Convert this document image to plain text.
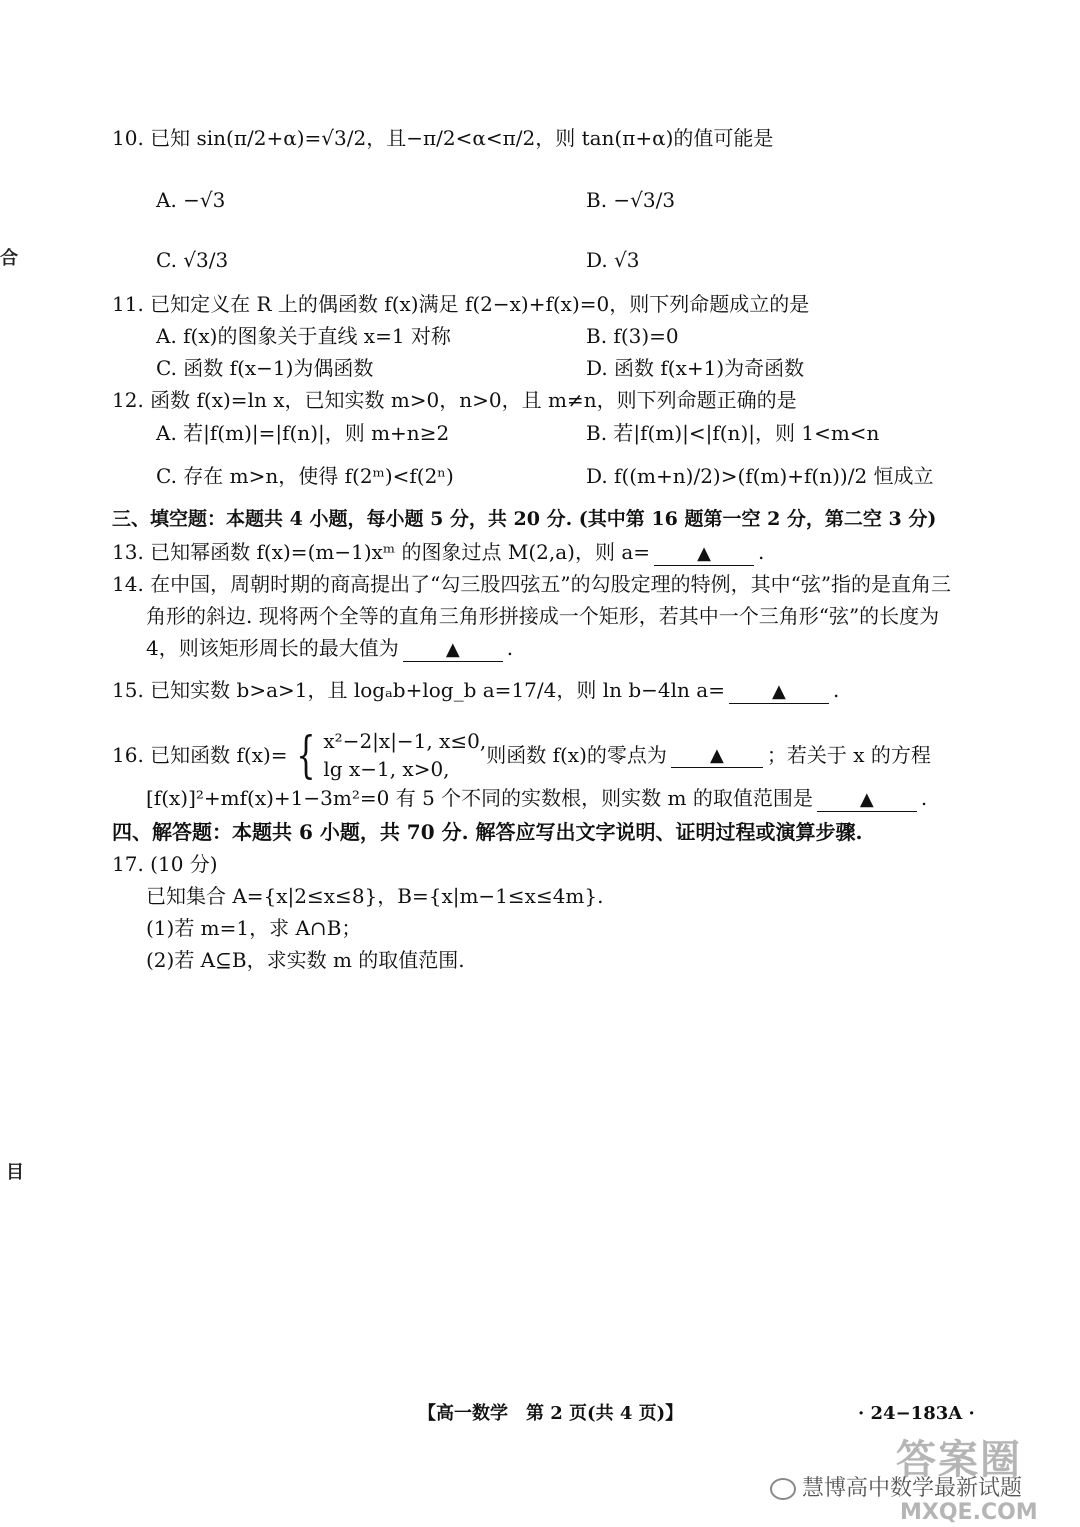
合
目
10. 已知 sin(π/2+α)=√3/2，且−π/2<α<π/2，则 tan(π+α)的值可能是
A. −√3	B. −√3/3
C. √3/3	D. √3
11. 已知定义在 R 上的偶函数 f(x)满足 f(2−x)+f(x)=0，则下列命题成立的是
A. f(x)的图象关于直线 x=1 对称	B. f(3)=0
C. 函数 f(x−1)为偶函数	D. 函数 f(x+1)为奇函数
12. 函数 f(x)=ln x，已知实数 m>0，n>0，且 m≠n，则下列命题正确的是
A. 若|f(m)|=|f(n)|，则 m+n≥2	B. 若|f(m)|<|f(n)|，则 1<m<n
C. 存在 m>n，使得 f(2ᵐ)<f(2ⁿ)	D. f((m+n)/2)>(f(m)+f(n))/2 恒成立
三、填空题：本题共 4 小题，每小题 5 分，共 20 分. (其中第 16 题第一空 2 分，第二空 3 分)
13. 已知幂函数 f(x)=(m−1)xᵐ 的图象过点 M(2,a)，则 a=	▲ .
14. 在中国，周朝时期的商高提出了“勾三股四弦五”的勾股定理的特例，其中“弦”指的是直角三
角形的斜边. 现将两个全等的直角三角形拼接成一个矩形，若其中一个三角形“弦”的长度为
4，则该矩形周长的最大值为	▲ .
15. 已知实数 b>a>1，且 logₐb+log_b a=17/4，则 ln b−4ln a=	▲ .
16. 已知函数 f(x)= { x²−2|x|−1, x≤0,
lg x−1, x>0,
则函数 f(x)的零点为	▲	；若关于 x 的方程
[f(x)]²+mf(x)+1−3m²=0 有 5 个不同的实数根，则实数 m 的取值范围是	▲ .
四、解答题：本题共 6 小题，共 70 分. 解答应写出文字说明、证明过程或演算步骤.
17. (10 分)
已知集合 A={x|2≤x≤8}，B={x|m−1≤x≤4m}.
(1)若 m=1，求 A∩B；
(2)若 A⊆B，求实数 m 的取值范围.
【高一数学　第 2 页(共 4 页)】	· 24−183A ·
答案圈
慧博高中数学最新试题
MXQE.COM
